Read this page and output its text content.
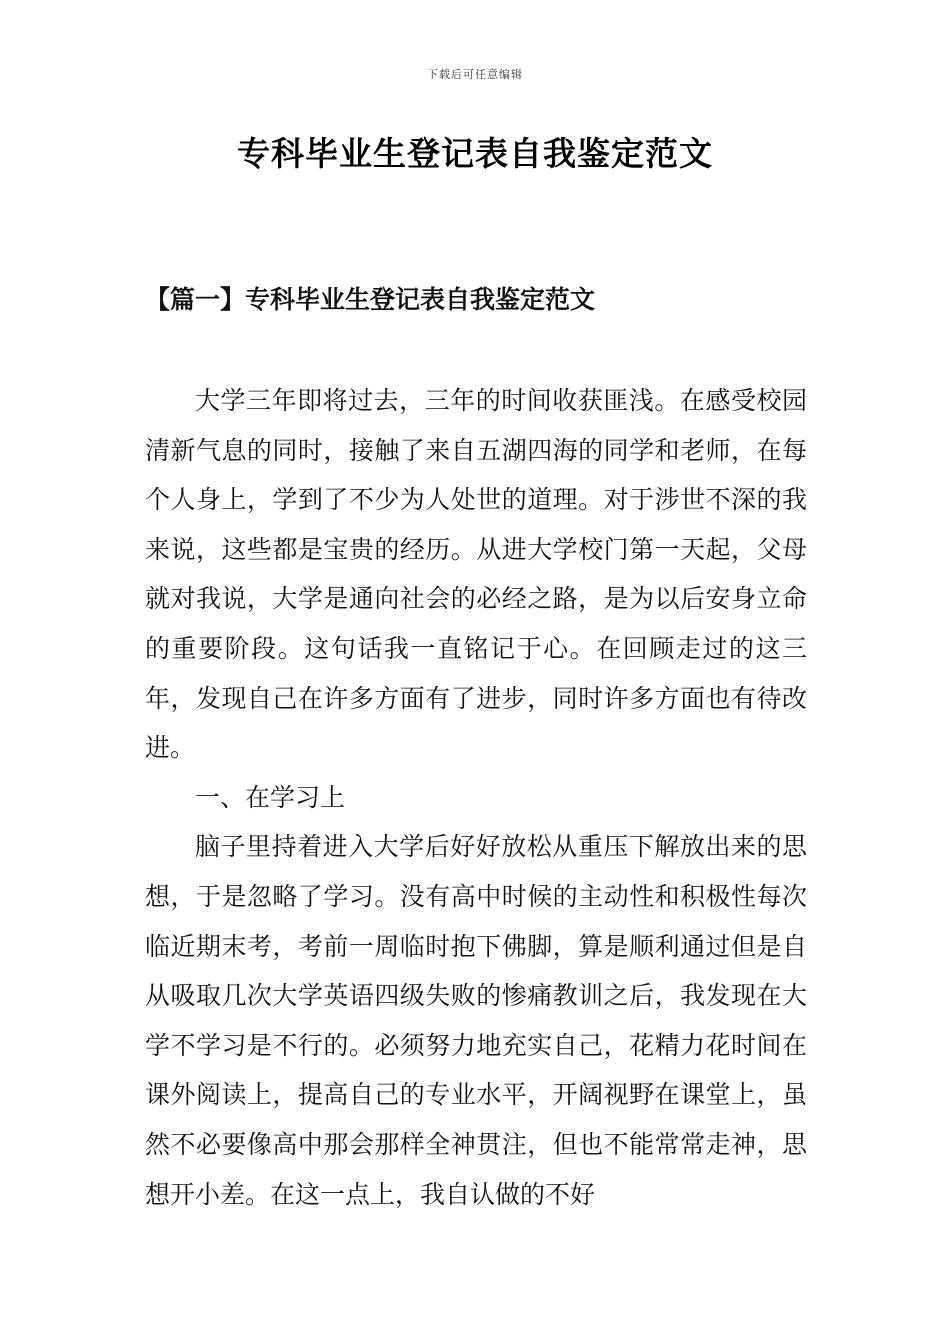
下载后可任意编辑
专科毕业生登记表自我鉴定范文
【篇一】专科毕业生登记表自我鉴定范文

大学三年即将过去，三年的时间收获匪浅。在感受校园清新气息的同时，接触了来自五湖四海的同学和老师，在每个人身上，学到了不少为人处世的道理。对于涉世不深的我来说，这些都是宝贵的经历。从进大学校门第一天起，父母就对我说，大学是通向社会的必经之路，是为以后安身立命的重要阶段。这句话我一直铭记于心。在回顾走过的这三年，发现自己在许多方面有了进步，同时许多方面也有待改进。

一、在学习上

脑子里持着进入大学后好好放松从重压下解放出来的思想，于是忽略了学习。没有高中时候的主动性和积极性每次临近期末考，考前一周临时抱下佛脚，算是顺利通过但是自从吸取几次大学英语四级失败的惨痛教训之后，我发现在大学不学习是不行的。必须努力地充实自己，花精力花时间在课外阅读上，提高自己的专业水平，开阔视野在课堂上，虽然不必要像高中那会那样全神贯注，但也不能常常走神，思想开小差。在这一点上，我自认做的不好
